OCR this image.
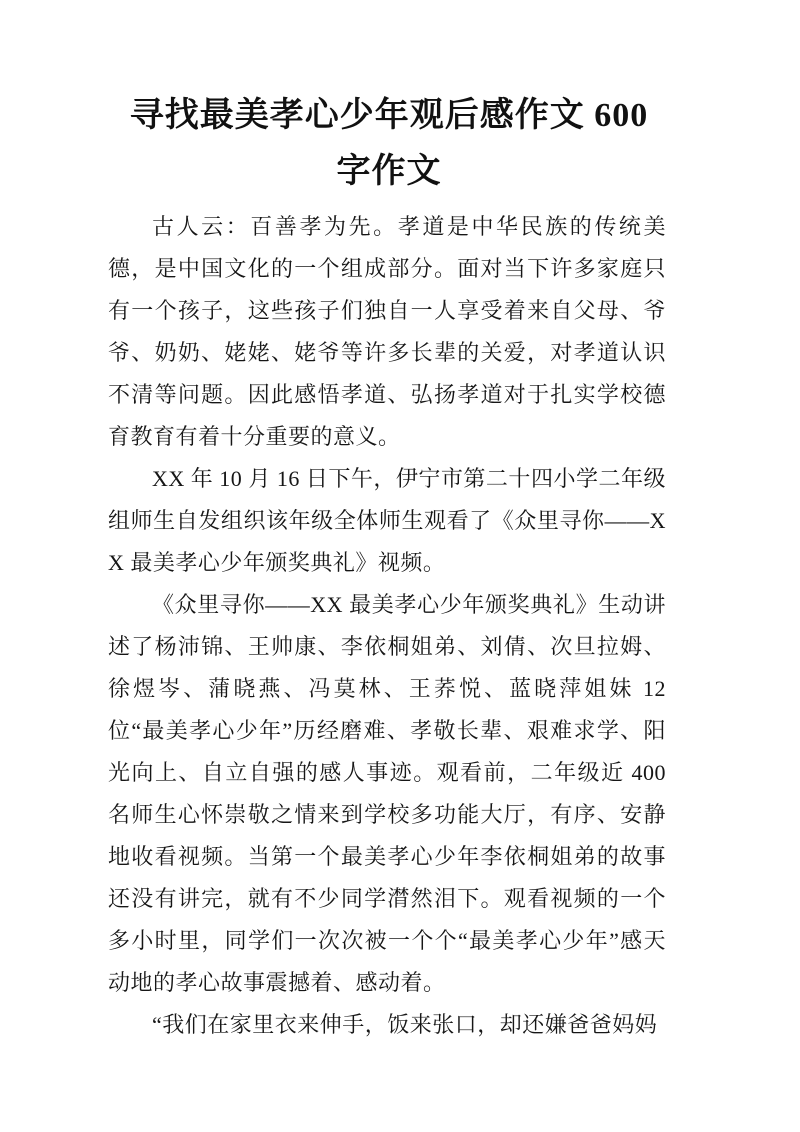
寻找最美孝心少年观后感作文 600 字作文

古人云：百善孝为先。孝道是中华民族的传统美德，是中国文化的一个组成部分。面对当下许多家庭只有一个孩子，这些孩子们独自一人享受着来自父母、爷爷、奶奶、姥姥、姥爷等许多长辈的关爱，对孝道认识不清等问题。因此感悟孝道、弘扬孝道对于扎实学校德育教育有着十分重要的意义。

XX 年 10 月 16 日下午，伊宁市第二十四小学二年级组师生自发组织该年级全体师生观看了《众里寻你——XX 最美孝心少年颁奖典礼》视频。

《众里寻你——XX 最美孝心少年颁奖典礼》生动讲述了杨沛锦、王帅康、李依桐姐弟、刘倩、次旦拉姆、徐煜岑、蒲晓燕、冯莫林、王荞悦、蓝晓萍姐妹 12 位“最美孝心少年”历经磨难、孝敬长辈、艰难求学、阳光向上、自立自强的感人事迹。观看前，二年级近 400 名师生心怀崇敬之情来到学校多功能大厅，有序、安静地收看视频。当第一个最美孝心少年李依桐姐弟的故事还没有讲完，就有不少同学潸然泪下。观看视频的一个多小时里，同学们一次次被一个个“最美孝心少年”感天动地的孝心故事震撼着、感动着。

“我们在家里衣来伸手，饭来张口，却还嫌爸爸妈妈
